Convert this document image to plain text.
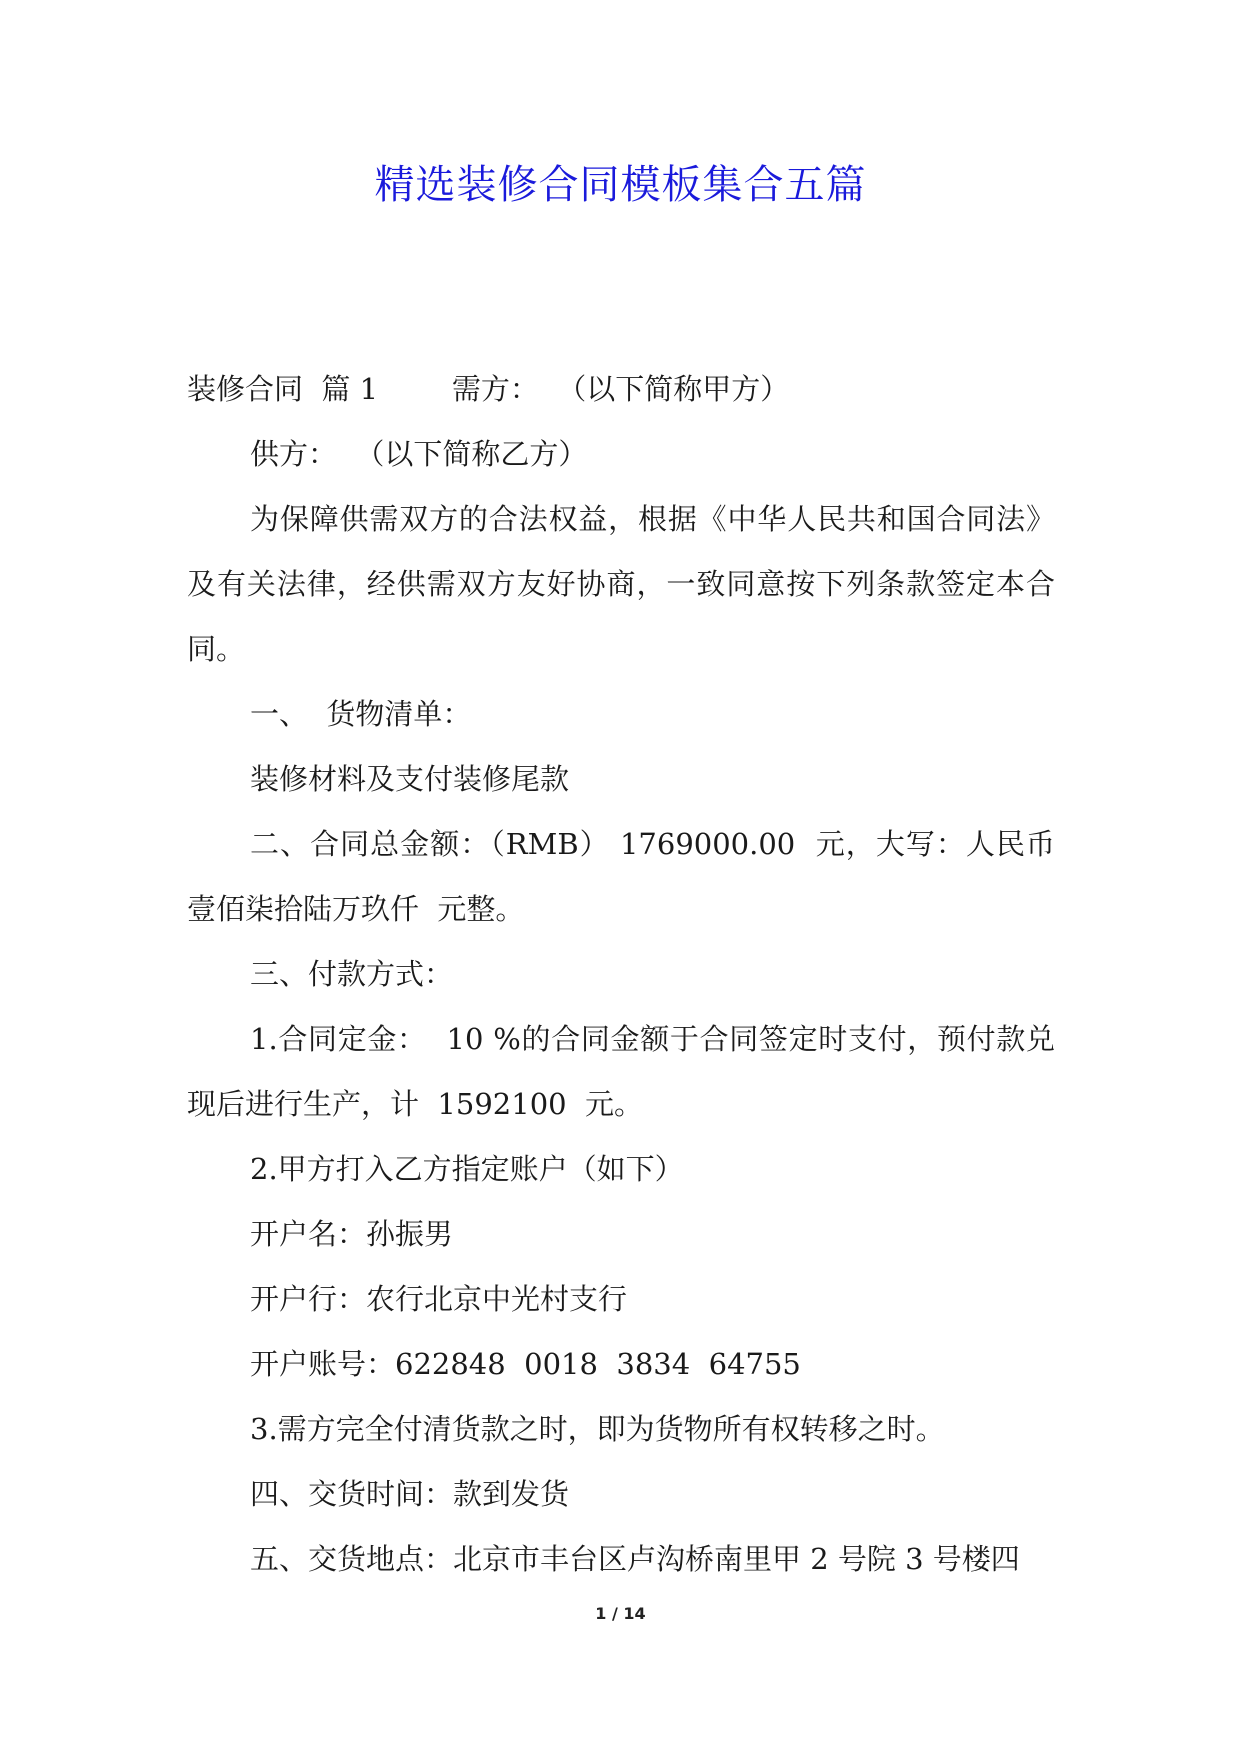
精选装修合同模板集合五篇

装修合同  篇 1        需方：  （以下简称甲方）

供方：  （以下简称乙方）

为保障供需双方的合法权益，根据《中华人民共和国合同法》及有关法律，经供需双方友好协商，一致同意按下列条款签定本合同。

一、  货物清单：

装修材料及支付装修尾款

二、合同总金额：（RMB） 1769000.00  元，大写：人民币  壹佰柒拾陆万玖仟  元整。

三、付款方式：

1.合同定金：  10 %的合同金额于合同签定时支付，预付款兑现后进行生产，计  1592100  元。

2.甲方打入乙方指定账户（如下）

开户名：孙振男

开户行：农行北京中光村支行

开户账号：622848  0018  3834  64755

3.需方完全付清货款之时，即为货物所有权转移之时。

四、交货时间：款到发货

五、交货地点：北京市丰台区卢沟桥南里甲 2 号院 3 号楼四

1 / 14
